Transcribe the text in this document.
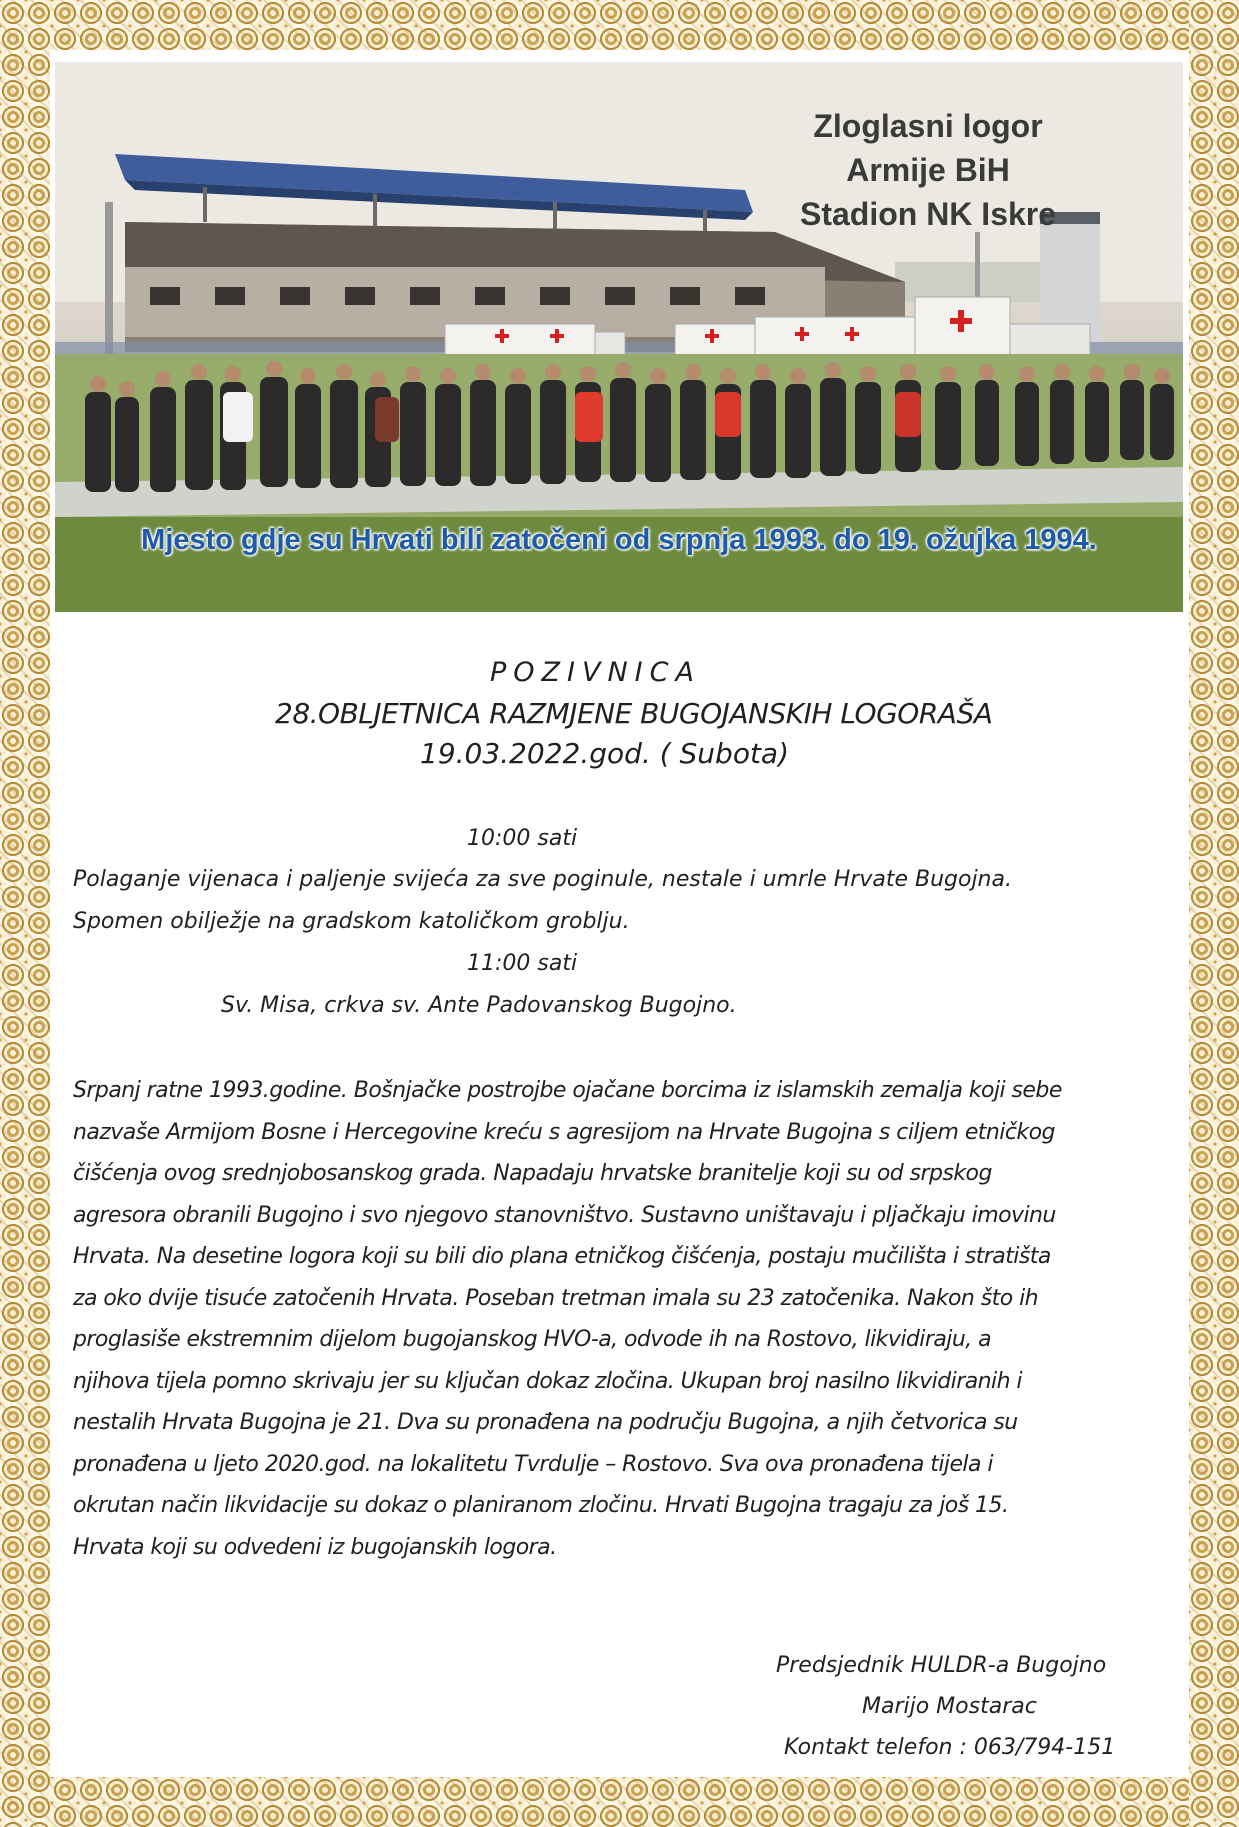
Zloglasni logor
Armije BiH
Stadion NK Iskre
Mjesto gdje su Hrvati bili zatočeni od srpnja 1993. do 19. ožujka 1994.
POZIVNICA
28.OBLJETNICA RAZMJENE BUGOJANSKIH LOGORAŠA
19.03.2022.god. ( Subota)
10:00 sati
Polaganje vijenaca i paljenje svijeća za sve poginule, nestale i umrle Hrvate Bugojna.
Spomen obilježje na gradskom katoličkom groblju.
11:00 sati
Sv. Misa, crkva sv. Ante Padovanskog Bugojno.
Srpanj ratne 1993.godine. Bošnjačke postrojbe ojačane borcima iz islamskih zemalja koji sebe
nazvaše Armijom Bosne i Hercegovine kreću s agresijom na Hrvate Bugojna s ciljem etničkog
čišćenja ovog srednjobosanskog grada. Napadaju hrvatske branitelje koji su od srpskog
agresora obranili Bugojno i svo njegovo stanovništvo. Sustavno uništavaju i pljačkaju imovinu
Hrvata. Na desetine logora koji su bili dio plana etničkog čišćenja, postaju mučilišta i stratišta
za oko dvije tisuće zatočenih Hrvata. Poseban tretman imala su 23 zatočenika. Nakon što ih
proglasiše ekstremnim dijelom bugojanskog HVO-a, odvode ih na Rostovo, likvidiraju, a
njihova tijela pomno skrivaju jer su ključan dokaz zločina. Ukupan broj nasilno likvidiranih i
nestalih Hrvata Bugojna je 21. Dva su pronađena na području Bugojna, a njih četvorica su
pronađena u ljeto 2020.god. na lokalitetu Tvrdulje – Rostovo. Sva ova pronađena tijela i
okrutan način likvidacije su dokaz o planiranom zločinu. Hrvati Bugojna tragaju za još 15.
Hrvata koji su odvedeni iz bugojanskih logora.
Predsjednik HULDR-a Bugojno
Marijo Mostarac
Kontakt telefon : 063/794-151
